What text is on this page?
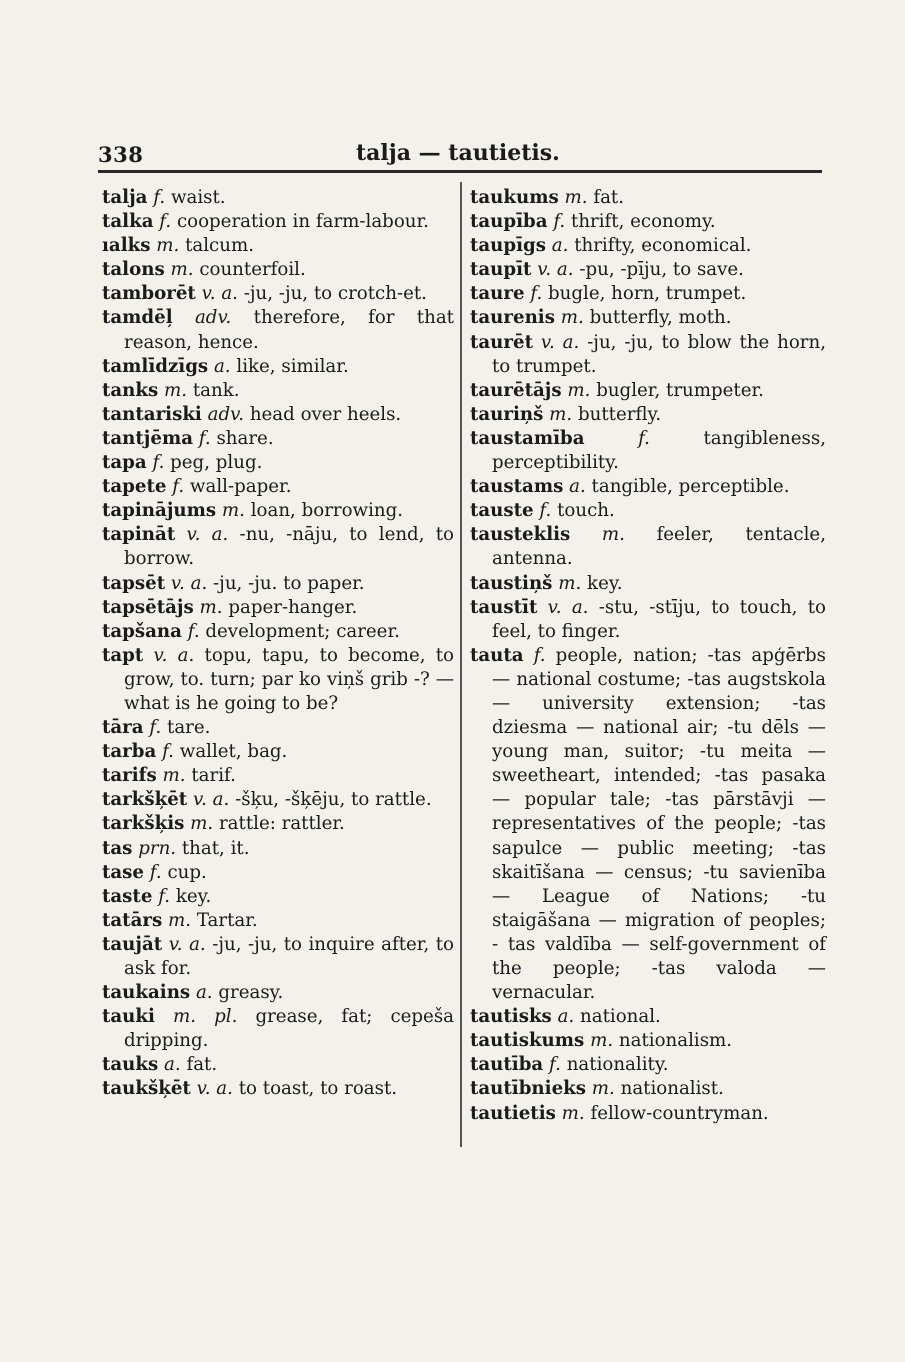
338	talja — tautietis.
talja f. waist.
talka f. cooperation in farm-labour.
ıalks m. talcum.
talons m. counterfoil.
tamborēt v. a. -ju, -ju, to crotch-et.
tamdēļ adv. therefore, for that reason, hence.
tamlīdzīgs a. like, similar.
tanks m. tank.
tantariski adv. head over heels.
tantjēma f. share.
tapa f. peg, plug.
tapete f. wall-paper.
tapinājums m. loan, borrowing.
tapināt v. a. -nu, -nāju, to lend, to borrow.
tapsēt v. a. -ju, -ju. to paper.
tapsētājs m. paper-hanger.
tapšana f. development; career.
tapt v. a. topu, tapu, to become, to grow, to. turn; par ko viņš grib -? — what is he going to be?
tāra f. tare.
tarba f. wallet, bag.
tarifs m. tarif.
tarkšķēt v. a. -šķu, -šķēju, to rattle.
tarkšķis m. rattle: rattler.
tas prn. that, it.
tase f. cup.
taste f. key.
tatārs m. Tartar.
taujāt v. a. -ju, -ju, to inquire after, to ask for.
taukains a. greasy.
tauki m. pl. grease, fat; cepeša dripping.
tauks a. fat.
taukšķēt v. a. to toast, to roast.
taukums m. fat.
taupība f. thrift, economy.
taupīgs a. thrifty, economical.
taupīt v. a. -pu, -pīju, to save.
taure f. bugle, horn, trumpet.
taurenis m. butterfly, moth.
taurēt v. a. -ju, -ju, to blow the horn, to trumpet.
taurētājs m. bugler, trumpeter.
tauriņš m. butterfly.
taustamība	f.	tangibleness, perceptibility.
taustams a. tangible, perceptible.
tauste f. touch.
tausteklis m. feeler, tentacle, antenna.
taustiņš m. key.
taustīt v. a. -stu, -stīju, to touch, to feel, to finger.
tauta f. people, nation; -tas apģērbs — national costume; -tas augstskola — university extension; -tas dziesma — national air; -tu dēls — young man, suitor; -tu meita — sweetheart, intended; -tas pasaka — popular tale; -tas pārstāvji — representatives of the people; -tas sapulce — public meeting; -tas skaitīšana — census; -tu savienība — League of Nations; -tu staigāšana — migration of peoples; - tas valdība — self-government of the people; -tas valoda — vernacular.
tautisks a. national.
tautiskums m. nationalism.
tautība f. nationality.
tautībnieks m. nationalist.
tautietis m. fellow-countryman.
